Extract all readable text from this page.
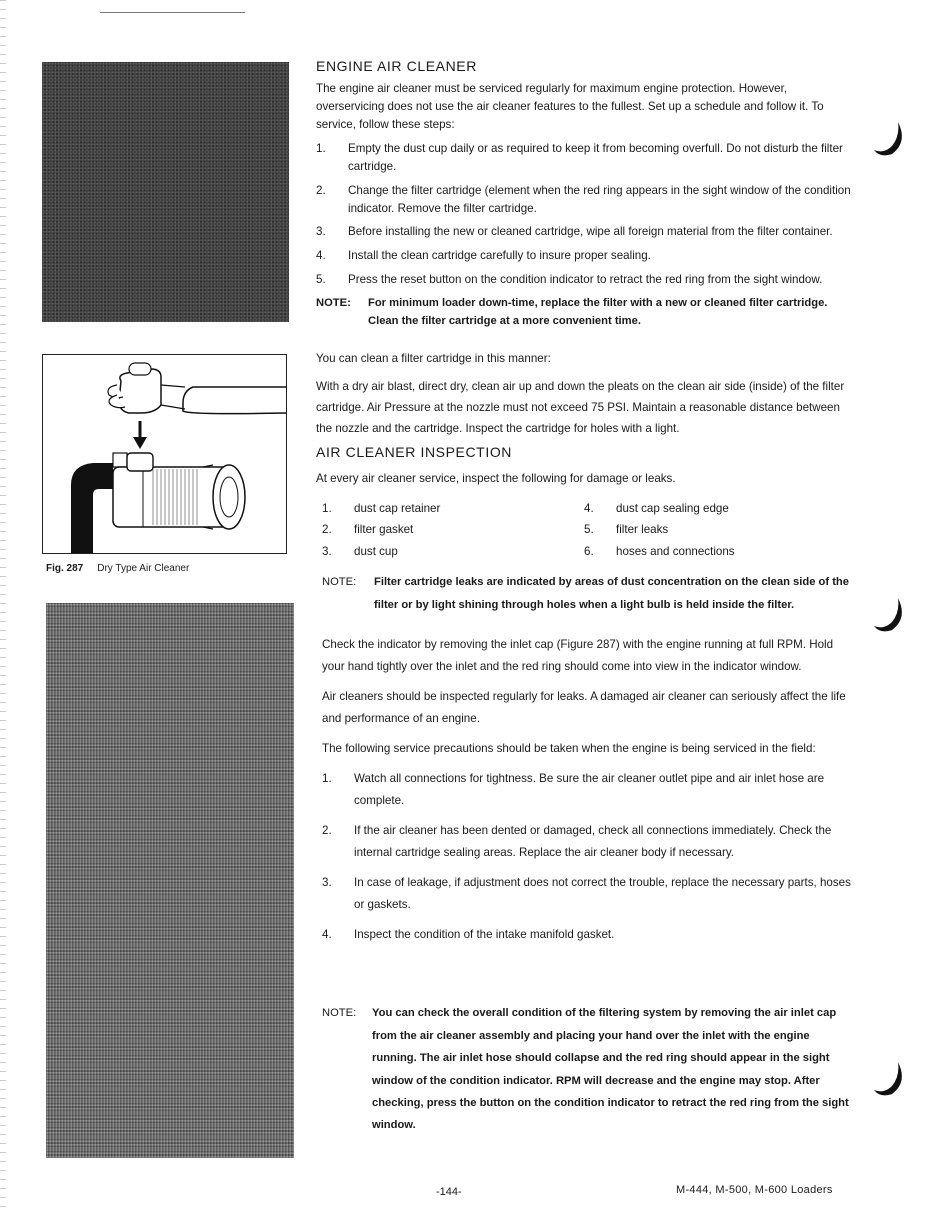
Fig. 287 Dry Type Air Cleaner
ENGINE AIR CLEANER

The engine air cleaner must be serviced regularly for maximum engine protection. However, overservicing does not use the air cleaner features to the fullest. Set up a schedule and follow it. To service, follow these steps:

1.	Empty the dust cup daily or as required to keep it from becoming overfull. Do not disturb the filter cartridge.
2.	Change the filter cartridge (element when the red ring appears in the sight window of the condition indicator. Remove the filter cartridge.
3.	Before installing the new or cleaned cartridge, wipe all foreign material from the filter container.
4.	Install the clean cartridge carefully to insure proper sealing.
5.	Press the reset button on the condition indicator to retract the red ring from the sight window.
NOTE:	For minimum loader down-time, replace the filter with a new or cleaned filter cartridge. Clean the filter cartridge at a more convenient time.

You can clean a filter cartridge in this manner:

With a dry air blast, direct dry, clean air up and down the pleats on the clean air side (inside) of the filter cartridge. Air Pressure at the nozzle must not exceed 75 PSI. Maintain a reasonable distance between the nozzle and the cartridge. Inspect the cartridge for holes with a light.

AIR CLEANER INSPECTION

At every air cleaner service, inspect the following for damage or leaks.

1.	dust cap retainer	4.	dust cap sealing edge
2.	filter gasket	5.	filter leaks
3.	dust cup	6.	hoses and connections
NOTE:	Filter cartridge leaks are indicated by areas of dust concentration on the clean side of the filter or by light shining through holes when a light bulb is held inside the filter.

Check the indicator by removing the inlet cap (Figure 287) with the engine running at full RPM. Hold your hand tightly over the inlet and the red ring should come into view in the indicator window.

Air cleaners should be inspected regularly for leaks. A damaged air cleaner can seriously affect the life and performance of an engine.

The following service precautions should be taken when the engine is being serviced in the field:

1.	Watch all connections for tightness. Be sure the air cleaner outlet pipe and air inlet hose are complete.
2.	If the air cleaner has been dented or damaged, check all connections immediately. Check the internal cartridge sealing areas. Replace the air cleaner body if necessary.
3.	In case of leakage, if adjustment does not correct the trouble, replace the necessary parts, hoses or gaskets.
4.	Inspect the condition of the intake manifold gasket.
NOTE:	You can check the overall condition of the filtering system by removing the air inlet cap from the air cleaner assembly and placing your hand over the inlet with the engine running. The air inlet hose should collapse and the red ring should appear in the sight window of the condition indicator. RPM will decrease and the engine may stop. After checking, press the button on the condition indicator to retract the red ring from the sight window.
-144-	M-444, M-500, M-600 Loaders
